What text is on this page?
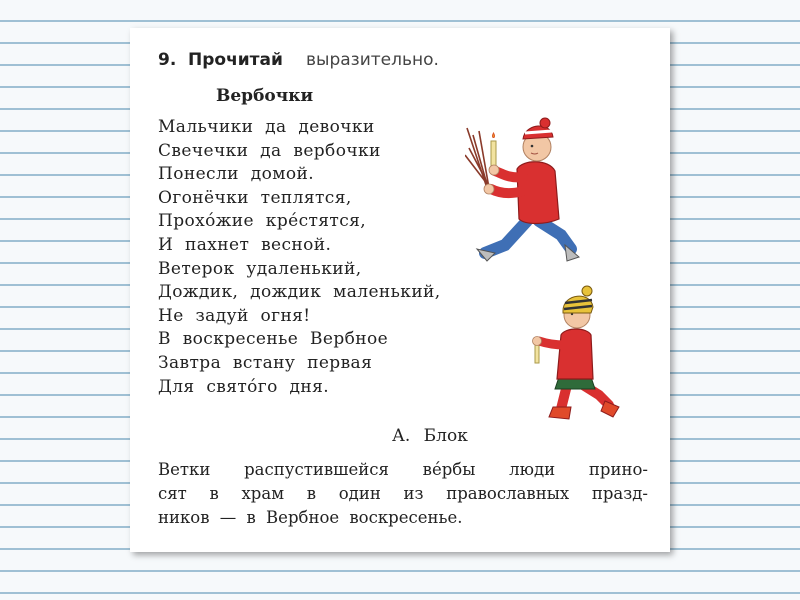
9. Прочитай выразительно.
Вербочки
Мальчики да девочки
Свечечки да вербочки
Понесли домой.
Огонёчки теплятся,
Прохóжие крéстятся,
И пахнет весной.
Ветерок удаленький,
Дождик, дождик маленький,
Не задуй огня!
В воскресенье Вербное
Завтра встану первая
Для святóго дня.
А. Блок
Ветки распустившейся вéрбы люди прино-
сят в храм в один из православных празд-
ников — в Вербное воскресенье.
